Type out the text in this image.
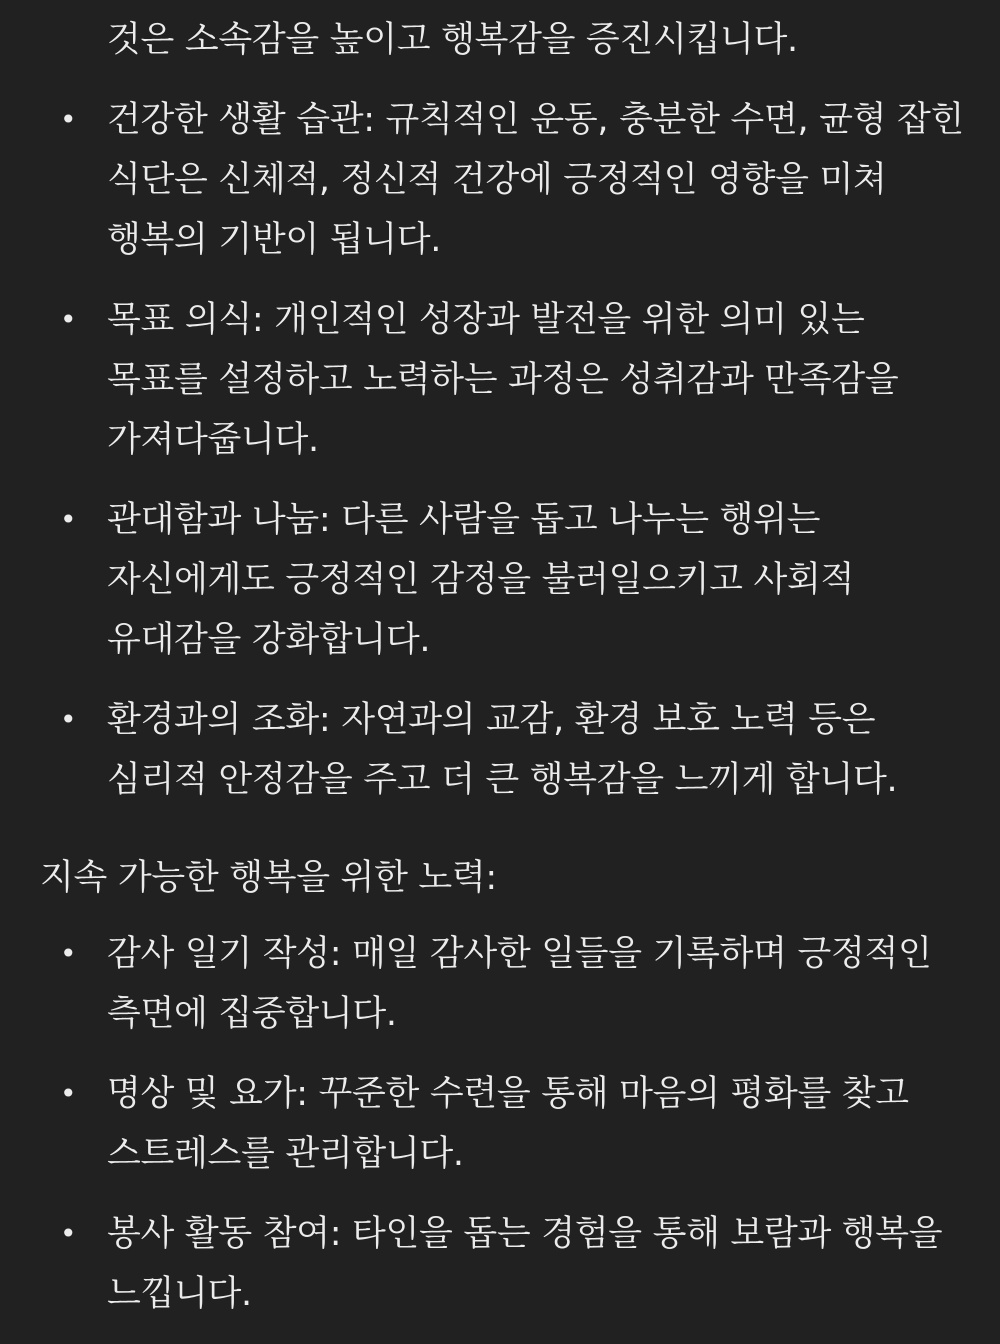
것은 소속감을 높이고 행복감을 증진시킵니다.
• 건강한 생활 습관: 규칙적인 운동, 충분한 수면, 균형 잡힌
식단은 신체적, 정신적 건강에 긍정적인 영향을 미쳐
행복의 기반이 됩니다.
• 목표 의식: 개인적인 성장과 발전을 위한 의미 있는
목표를 설정하고 노력하는 과정은 성취감과 만족감을
가져다줍니다.
• 관대함과 나눔: 다른 사람을 돕고 나누는 행위는
자신에게도 긍정적인 감정을 불러일으키고 사회적
유대감을 강화합니다.
• 환경과의 조화: 자연과의 교감, 환경 보호 노력 등은
심리적 안정감을 주고 더 큰 행복감을 느끼게 합니다.
지속 가능한 행복을 위한 노력:
• 감사 일기 작성: 매일 감사한 일들을 기록하며 긍정적인
측면에 집중합니다.
• 명상 및 요가: 꾸준한 수련을 통해 마음의 평화를 찾고
스트레스를 관리합니다.
• 봉사 활동 참여: 타인을 돕는 경험을 통해 보람과 행복을
느낍니다.
